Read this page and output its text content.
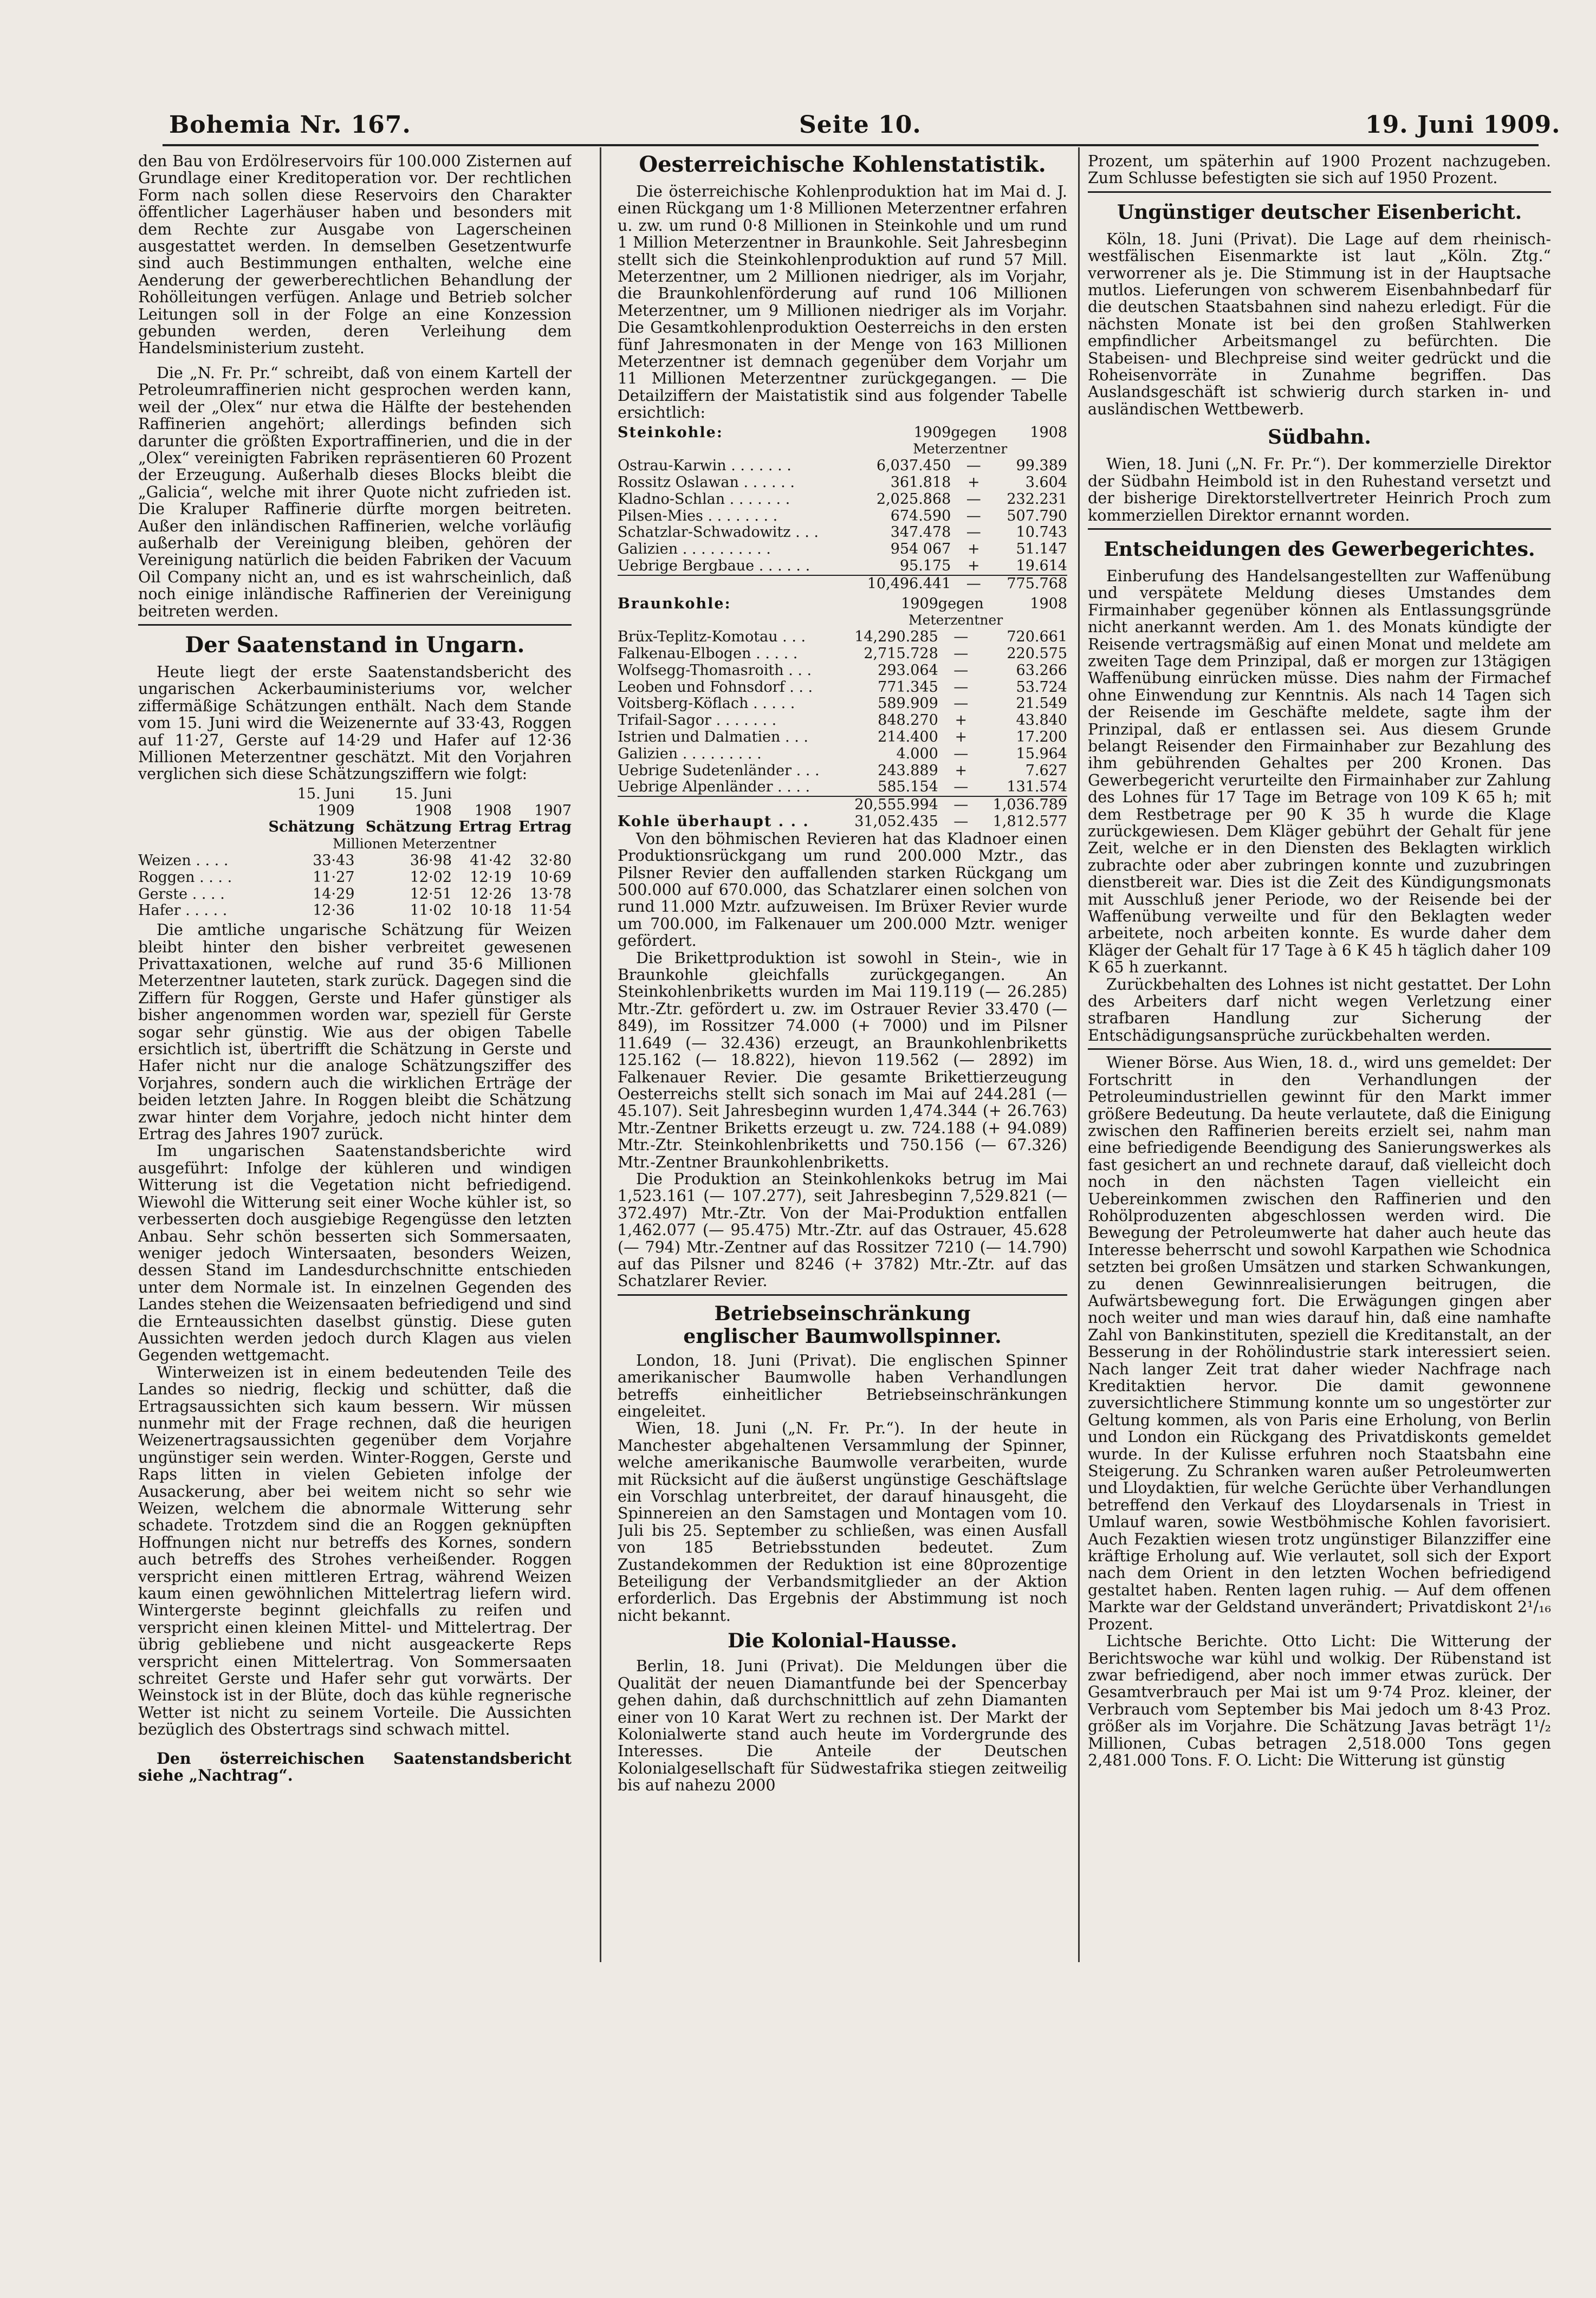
Bohemia Nr. 167.	Seite 10.	19. Juni 1909.

den Bau von Erdölreservoirs für 100.000 Zisternen auf Grundlage einer Kreditoperation vor. Der rechtlichen Form nach sollen diese Reservoirs den Charakter öffentlicher Lagerhäuser haben und besonders mit dem Rechte zur Ausgabe von Lagerscheinen ausgestattet werden. In demselben Gesetzentwurfe sind auch Bestimmungen enthalten, welche eine Aenderung der gewerberechtlichen Behandlung der Rohölleitungen verfügen. Anlage und Betrieb solcher Leitungen soll in der Folge an eine Konzession gebunden werden, deren Verleihung dem Handelsministerium zusteht.

Die „N. Fr. Pr.“ schreibt, daß von einem Kartell der Petroleumraffinerien nicht gesprochen werden kann, weil der „Olex“ nur etwa die Hälfte der bestehenden Raffinerien angehört; allerdings befinden sich darunter die größten Exportraffinerien, und die in der „Olex“ vereinigten Fabriken repräsentieren 60 Prozent der Erzeugung. Außerhalb dieses Blocks bleibt die „Galicia“, welche mit ihrer Quote nicht zufrieden ist. Die Kraluper Raffinerie dürfte morgen beitreten. Außer den inländischen Raffinerien, welche vorläufig außerhalb der Vereinigung bleiben, gehören der Vereinigung natürlich die beiden Fabriken der Vacuum Oil Company nicht an, und es ist wahrscheinlich, daß noch einige inländische Raffinerien der Vereinigung beitreten werden.

Der Saatenstand in Ungarn.

Heute liegt der erste Saatenstandsbericht des ungarischen Ackerbauministeriums vor, welcher ziffermäßige Schätzungen enthält. Nach dem Stande vom 15. Juni wird die Weizenernte auf 33·43, Roggen auf 11·27, Gerste auf 14·29 und Hafer auf 12·36 Millionen Meterzentner geschätzt. Mit den Vorjahren verglichen sich diese Schätzungsziffern wie folgt:

	15. Juni	15. Juni		
	1909	1908	1908	1907
	Schätzung	Schätzung	Ertrag	Ertrag
	Millionen Meterzentner			
Weizen . . . .	33·43	36·98	41·42	32·80
Roggen . . . .	11·27	12·02	12·19	10·69
Gerste . . . .	14·29	12·51	12·26	13·78
Hafer . . . . .	12·36	11·02	10·18	11·54

Die amtliche ungarische Schätzung für Weizen bleibt hinter den bisher verbreitet gewesenen Privattaxationen, welche auf rund 35·6 Millionen Meterzentner lauteten, stark zurück. Dagegen sind die Ziffern für Roggen, Gerste und Hafer günstiger als bisher angenommen worden war, speziell für Gerste sogar sehr günstig. Wie aus der obigen Tabelle ersichtlich ist, übertrifft die Schätzung in Gerste und Hafer nicht nur die analoge Schätzungsziffer des Vorjahres, sondern auch die wirklichen Erträge der beiden letzten Jahre. In Roggen bleibt die Schätzung zwar hinter dem Vorjahre, jedoch nicht hinter dem Ertrag des Jahres 1907 zurück.

Im ungarischen Saatenstandsberichte wird ausgeführt: Infolge der kühleren und windigen Witterung ist die Vegetation nicht befriedigend. Wiewohl die Witterung seit einer Woche kühler ist, so verbesserten doch ausgiebige Regengüsse den letzten Anbau. Sehr schön besserten sich Sommersaaten, weniger jedoch Wintersaaten, besonders Weizen, dessen Stand im Landesdurchschnitte entschieden unter dem Normale ist. In einzelnen Gegenden des Landes stehen die Weizensaaten befriedigend und sind die Ernteaussichten daselbst günstig. Diese guten Aussichten werden jedoch durch Klagen aus vielen Gegenden wettgemacht.

Winterweizen ist in einem bedeutenden Teile des Landes so niedrig, fleckig und schütter, daß die Ertragsaussichten sich kaum bessern. Wir müssen nunmehr mit der Frage rechnen, daß die heurigen Weizenertragsaussichten gegenüber dem Vorjahre ungünstiger sein werden. Winter-Roggen, Gerste und Raps litten in vielen Gebieten infolge der Ausackerung, aber bei weitem nicht so sehr wie Weizen, welchem die abnormale Witterung sehr schadete. Trotzdem sind die an Roggen geknüpften Hoffnungen nicht nur betreffs des Kornes, sondern auch betreffs des Strohes verheißender. Roggen verspricht einen mittleren Ertrag, während Weizen kaum einen gewöhnlichen Mittelertrag liefern wird. Wintergerste beginnt gleichfalls zu reifen und verspricht einen kleinen Mittel- und Mittelertrag. Der übrig gebliebene und nicht ausgeackerte Reps verspricht einen Mittelertrag. Von Sommersaaten schreitet Gerste und Hafer sehr gut vorwärts. Der Weinstock ist in der Blüte, doch das kühle regnerische Wetter ist nicht zu seinem Vorteile. Die Aussichten bezüglich des Obstertrags sind schwach mittel.

Den österreichischen Saatenstandsbericht siehe „Nachtrag“.

Oesterreichische Kohlenstatistik.

Die österreichische Kohlenproduktion hat im Mai d. J. einen Rückgang um 1·8 Millionen Meterzentner erfahren u. zw. um rund 0·8 Millionen in Steinkohle und um rund 1 Million Meterzentner in Braunkohle. Seit Jahresbeginn stellt sich die Steinkohlenproduktion auf rund 57 Mill. Meterzentner, um 2 Millionen niedriger, als im Vorjahr, die Braunkohlenförderung auf rund 106 Millionen Meterzentner, um 9 Millionen niedriger als im Vorjahr. Die Gesamtkohlenproduktion Oesterreichs in den ersten fünf Jahresmonaten in der Menge von 163 Millionen Meterzentner ist demnach gegenüber dem Vorjahr um 11 Millionen Meterzentner zurückgegangen. — Die Detailziffern der Maistatistik sind aus folgender Tabelle ersichtlich:

Steinkohle:	1909	gegen	1908
	Meterzentner		
Ostrau-Karwin . . . . . . .	6,037.450	—	99.389
Rossitz Oslawan . . . . . .	361.818	+	3.604
Kladno-Schlan . . . . . . .	2,025.868	—	232.231
Pilsen-Mies . . . . . . . .	674.590	—	507.790
Schatzlar-Schwadowitz . . .	347.478	—	10.743
Galizien . . . . . . . . . .	954 067	+	51.147
Uebrige Bergbaue . . . . . .	95.175	+	19.614
	10,496.441	—	775.768
Braunkohle:	1909	gegen	1908
	Meterzentner		
Brüx-Teplitz-Komotau . . .	14,290.285	—	720.661
Falkenau-Elbogen . . . . .	2,715.728	—	220.575
Wolfsegg-Thomasroith . . .	293.064	—	63.266
Leoben und Fohnsdorf . . .	771.345	—	53.724
Voitsberg-Köflach . . . . .	589.909	—	21.549
Trifail-Sagor . . . . . . .	848.270	+	43.840
Istrien und Dalmatien . . .	214.400	+	17.200
Galizien . . . . . . . . .	4.000	—	15.964
Uebrige Sudetenländer . . .	243.889	+	7.627
Uebrige Alpenländer . . . .	585.154	—	131.574
	20,555.994	—	1,036.789
Kohle überhaupt . . .	31,052.435	—	1,812.577

Von den böhmischen Revieren hat das Kladnoer einen Produktionsrückgang um rund 200.000 Mztr., das Pilsner Revier den auffallenden starken Rückgang um 500.000 auf 670.000, das Schatzlarer einen solchen von rund 11.000 Mztr. aufzuweisen. Im Brüxer Revier wurde um 700.000, im Falkenauer um 200.000 Mztr. weniger gefördert.

Die Brikettproduktion ist sowohl in Stein-, wie in Braunkohle gleichfalls zurückgegangen. An Steinkohlenbriketts wurden im Mai 119.119 (— 26.285) Mtr.-Ztr. gefördert u. zw. im Ostrauer Revier 33.470 (— 849), im Rossitzer 74.000 (+ 7000) und im Pilsner 11.649 (— 32.436) erzeugt, an Braunkohlenbriketts 125.162 (— 18.822), hievon 119.562 (— 2892) im Falkenauer Revier. Die gesamte Brikettierzeugung Oesterreichs stellt sich sonach im Mai auf 244.281 (— 45.107). Seit Jahresbeginn wurden 1,474.344 (+ 26.763) Mtr.-Zentner Briketts erzeugt u. zw. 724.188 (+ 94.089) Mtr.-Ztr. Steinkohlenbriketts und 750.156 (— 67.326) Mtr.-Zentner Braunkohlenbriketts.

Die Produktion an Steinkohlenkoks betrug im Mai 1,523.161 (— 107.277), seit Jahresbeginn 7,529.821 (— 372.497) Mtr.-Ztr. Von der Mai-Produktion entfallen 1,462.077 (— 95.475) Mtr.-Ztr. auf das Ostrauer, 45.628 (— 794) Mtr.-Zentner auf das Rossitzer 7210 (— 14.790) auf das Pilsner und 8246 (+ 3782) Mtr.-Ztr. auf das Schatzlarer Revier.

Betriebseinschränkung
englischer Baumwollspinner.

London, 18. Juni (Privat). Die englischen Spinner amerikanischer Baumwolle haben Verhandlungen betreffs einheitlicher Betriebseinschränkungen eingeleitet.

Wien, 18. Juni („N. Fr. Pr.“). In der heute in Manchester abgehaltenen Versammlung der Spinner, welche amerikanische Baumwolle verarbeiten, wurde mit Rücksicht auf die äußerst ungünstige Geschäftslage ein Vorschlag unterbreitet, der darauf hinausgeht, die Spinnereien an den Samstagen und Montagen vom 10. Juli bis 25. September zu schließen, was einen Ausfall von 185 Betriebsstunden bedeutet. Zum Zustandekommen der Reduktion ist eine 80prozentige Beteiligung der Verbandsmitglieder an der Aktion erforderlich. Das Ergebnis der Abstimmung ist noch nicht bekannt.

Die Kolonial-Hausse.

Berlin, 18. Juni (Privat). Die Meldungen über die Qualität der neuen Diamantfunde bei der Spencerbay gehen dahin, daß durchschnittlich auf zehn Diamanten einer von 10 Karat Wert zu rechnen ist. Der Markt der Kolonialwerte stand auch heute im Vordergrunde des Interesses. Die Anteile der Deutschen Kolonialgesellschaft für Südwestafrika stiegen zeitweilig bis auf nahezu 2000

Prozent, um späterhin auf 1900 Prozent nachzugeben. Zum Schlusse befestigten sie sich auf 1950 Prozent.

Ungünstiger deutscher Eisenbericht.

Köln, 18. Juni (Privat). Die Lage auf dem rheinisch-westfälischen Eisenmarkte ist laut „Köln. Ztg.“ verworrener als je. Die Stimmung ist in der Hauptsache mutlos. Lieferungen von schwerem Eisenbahnbedarf für die deutschen Staatsbahnen sind nahezu erledigt. Für die nächsten Monate ist bei den großen Stahlwerken empfindlicher Arbeitsmangel zu befürchten. Die Stabeisen- und Blechpreise sind weiter gedrückt und die Roheisenvorräte in Zunahme begriffen. Das Auslandsgeschäft ist schwierig durch starken in- und ausländischen Wettbewerb.

Südbahn.

Wien, 18. Juni („N. Fr. Pr.“). Der kommerzielle Direktor der Südbahn Heimbold ist in den Ruhestand versetzt und der bisherige Direktorstellvertreter Heinrich Proch zum kommerziellen Direktor ernannt worden.

Entscheidungen des Gewerbegerichtes.

Einberufung des Handelsangestellten zur Waffenübung und verspätete Meldung dieses Umstandes dem Firmainhaber gegenüber können als Entlassungsgründe nicht anerkannt werden. Am 1. des Monats kündigte der Reisende vertragsmäßig auf einen Monat und meldete am zweiten Tage dem Prinzipal, daß er morgen zur 13tägigen Waffenübung einrücken müsse. Dies nahm der Firmachef ohne Einwendung zur Kenntnis. Als nach 14 Tagen sich der Reisende im Geschäfte meldete, sagte ihm der Prinzipal, daß er entlassen sei. Aus diesem Grunde belangt Reisender den Firmainhaber zur Bezahlung des ihm gebührenden Gehaltes per 200 Kronen. Das Gewerbegericht verurteilte den Firmainhaber zur Zahlung des Lohnes für 17 Tage im Betrage von 109 K 65 h; mit dem Restbetrage per 90 K 35 h wurde die Klage zurückgewiesen. Dem Kläger gebührt der Gehalt für jene Zeit, welche er in den Diensten des Beklagten wirklich zubrachte oder aber zubringen konnte und zuzubringen dienstbereit war. Dies ist die Zeit des Kündigungsmonats mit Ausschluß jener Periode, wo der Reisende bei der Waffenübung verweilte und für den Beklagten weder arbeitete, noch arbeiten konnte. Es wurde daher dem Kläger der Gehalt für 17 Tage à 6 K 45 h täglich daher 109 K 65 h zuerkannt.

Zurückbehalten des Lohnes ist nicht gestattet. Der Lohn des Arbeiters darf nicht wegen Verletzung einer strafbaren Handlung zur Sicherung der Entschädigungsansprüche zurückbehalten werden.

Wiener Börse. Aus Wien, 18. d., wird uns gemeldet: Der Fortschritt in den Verhandlungen der Petroleumindustriellen gewinnt für den Markt immer größere Bedeutung. Da heute verlautete, daß die Einigung zwischen den Raffinerien bereits erzielt sei, nahm man eine befriedigende Beendigung des Sanierungswerkes als fast gesichert an und rechnete darauf, daß vielleicht doch noch in den nächsten Tagen vielleicht ein Uebereinkommen zwischen den Raffinerien und den Rohölproduzenten abgeschlossen werden wird. Die Bewegung der Petroleumwerte hat daher auch heute das Interesse beherrscht und sowohl Karpathen wie Schodnica setzten bei großen Umsätzen und starken Schwankungen, zu denen Gewinnrealisierungen beitrugen, die Aufwärtsbewegung fort. Die Erwägungen gingen aber noch weiter und man wies darauf hin, daß eine namhafte Zahl von Bankinstituten, speziell die Kreditanstalt, an der Besserung in der Rohölindustrie stark interessiert seien. Nach langer Zeit trat daher wieder Nachfrage nach Kreditaktien hervor. Die damit gewonnene zuversichtlichere Stimmung konnte um so ungestörter zur Geltung kommen, als von Paris eine Erholung, von Berlin und London ein Rückgang des Privatdiskonts gemeldet wurde. In der Kulisse erfuhren noch Staatsbahn eine Steigerung. Zu Schranken waren außer Petroleumwerten und Lloydaktien, für welche Gerüchte über Verhandlungen betreffend den Verkauf des Lloydarsenals in Triest in Umlauf waren, sowie Westböhmische Kohlen favorisiert. Auch Fezaktien wiesen trotz ungünstiger Bilanzziffer eine kräftige Erholung auf. Wie verlautet, soll sich der Export nach dem Orient in den letzten Wochen befriedigend gestaltet haben. Renten lagen ruhig. — Auf dem offenen Markte war der Geldstand unverändert; Privatdiskont 2¹/₁₆ Prozent.

Lichtsche Berichte. Otto Licht: Die Witterung der Berichtswoche war kühl und wolkig. Der Rübenstand ist zwar befriedigend, aber noch immer etwas zurück. Der Gesamtverbrauch per Mai ist um 9·74 Proz. kleiner, der Verbrauch vom September bis Mai jedoch um 8·43 Proz. größer als im Vorjahre. Die Schätzung Javas beträgt 1¹/₂ Millionen, Cubas betragen 2,518.000 Tons gegen 2,481.000 Tons. F. O. Licht: Die Witterung ist günstig
